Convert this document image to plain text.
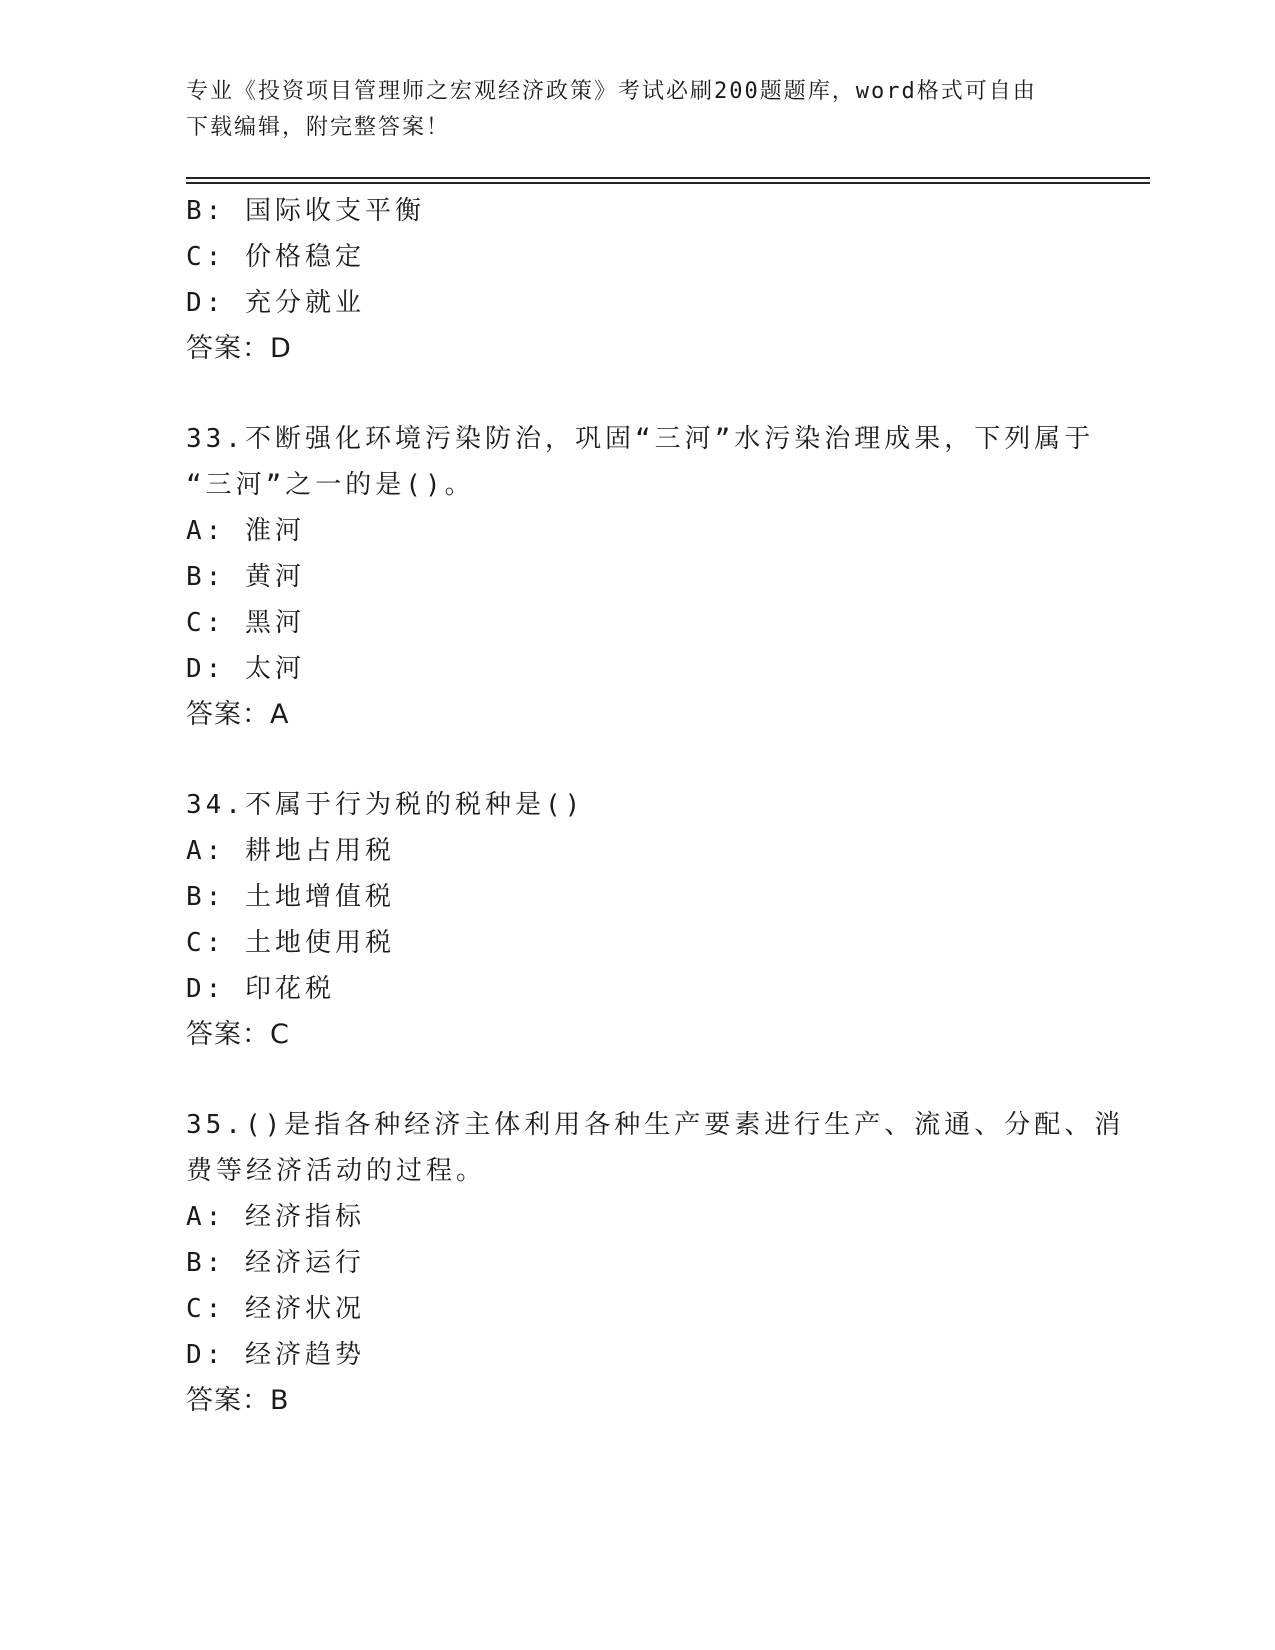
专业《投资项目管理师之宏观经济政策》考试必刷200题题库，word格式可自由
下载编辑，附完整答案！
B: 国际收支平衡
C: 价格稳定
D: 充分就业
答案：D
33.不断强化环境污染防治，巩固“三河”水污染治理成果，下列属于
“三河”之一的是()。
A: 淮河
B: 黄河
C: 黑河
D: 太河
答案：A
34.不属于行为税的税种是()
A: 耕地占用税
B: 土地增值税
C: 土地使用税
D: 印花税
答案：C
35.()是指各种经济主体利用各种生产要素进行生产、流通、分配、消
费等经济活动的过程。
A: 经济指标
B: 经济运行
C: 经济状况
D: 经济趋势
答案：B
